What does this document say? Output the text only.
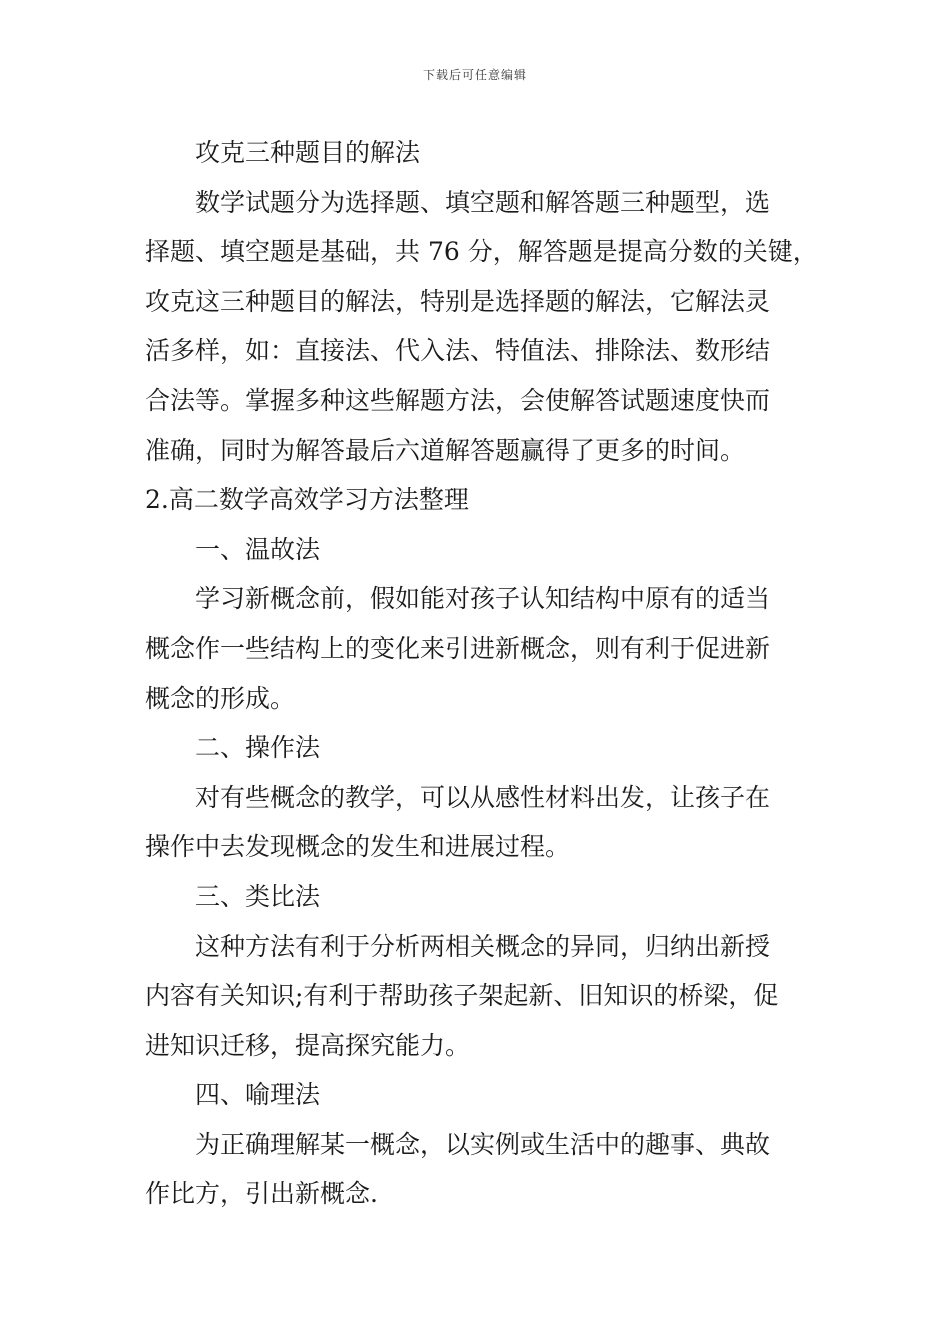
下载后可任意编辑
攻克三种题目的解法
数学试题分为选择题、填空题和解答题三种题型，选
择题、填空题是基础，共 76 分，解答题是提高分数的关键，
攻克这三种题目的解法，特别是选择题的解法，它解法灵
活多样，如：直接法、代入法、特值法、排除法、数形结
合法等。掌握多种这些解题方法，会使解答试题速度快而
准确，同时为解答最后六道解答题赢得了更多的时间。
2.高二数学高效学习方法整理
一、温故法
学习新概念前，假如能对孩子认知结构中原有的适当
概念作一些结构上的变化来引进新概念，则有利于促进新
概念的形成。
二、操作法
对有些概念的教学，可以从感性材料出发，让孩子在
操作中去发现概念的发生和进展过程。
三、类比法
这种方法有利于分析两相关概念的异同，归纳出新授
内容有关知识;有利于帮助孩子架起新、旧知识的桥梁，促
进知识迁移，提高探究能力。
四、喻理法
为正确理解某一概念，以实例或生活中的趣事、典故
作比方，引出新概念.
